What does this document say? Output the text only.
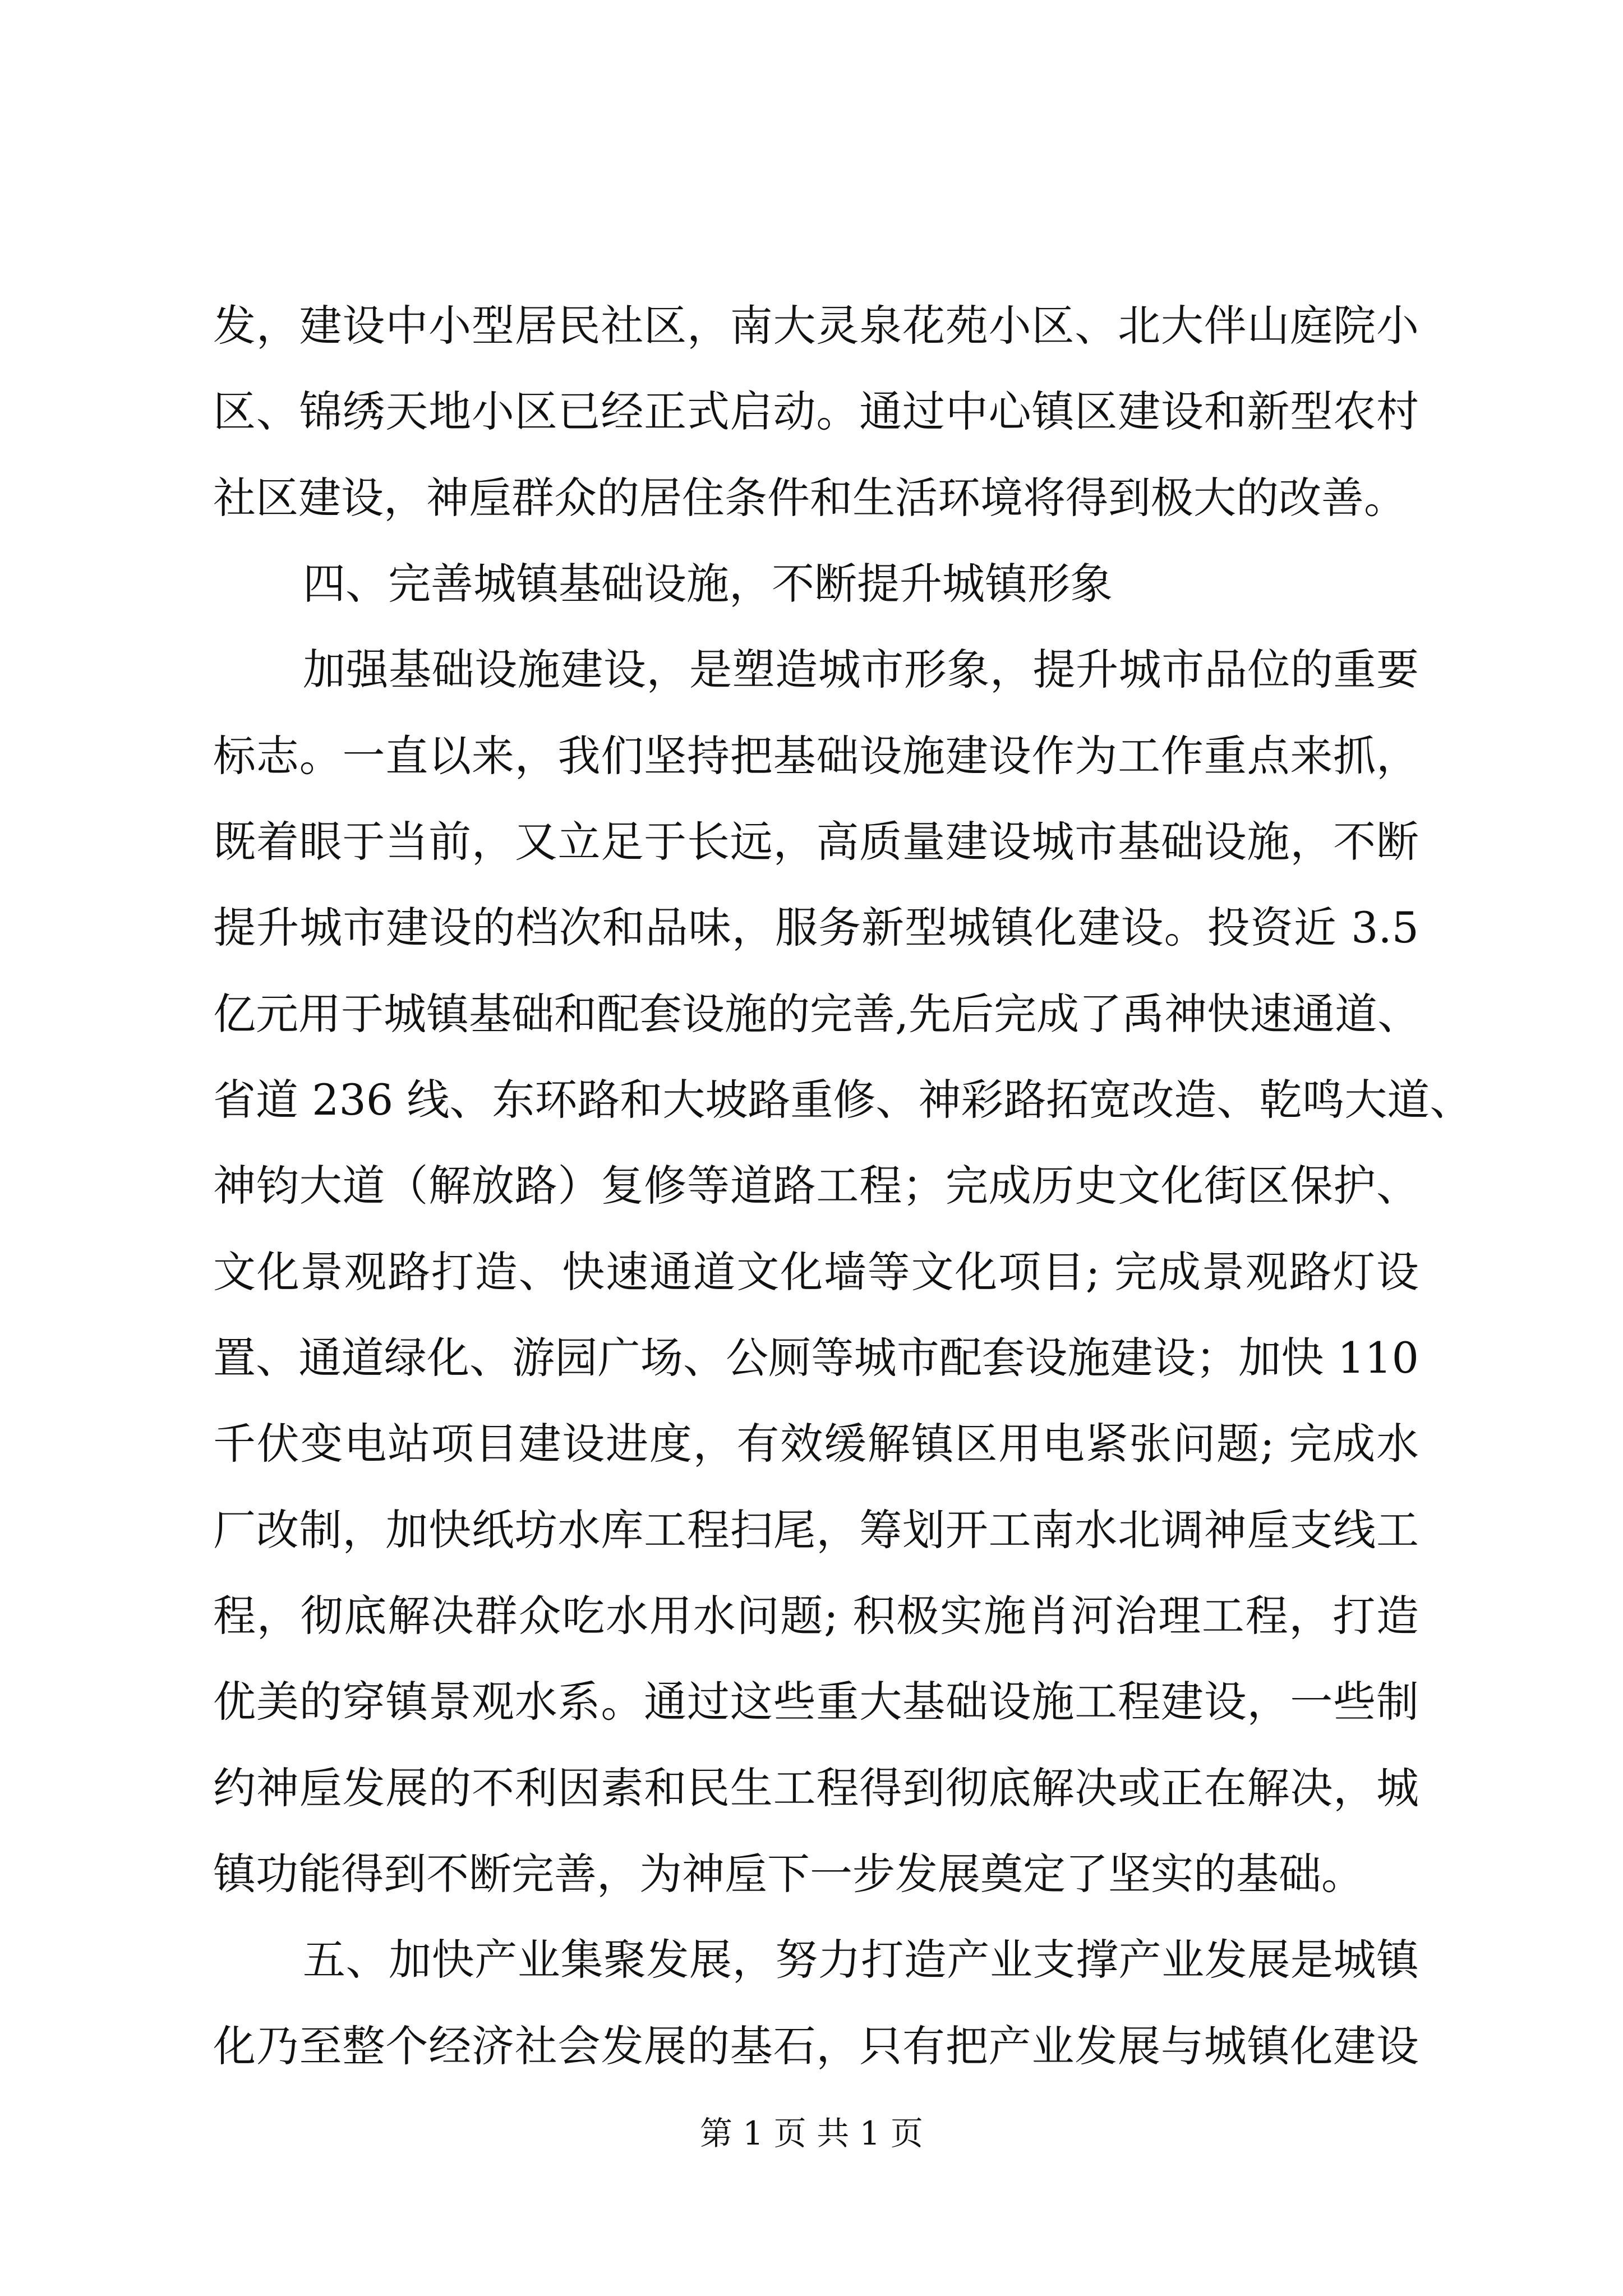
发，建设中小型居民社区，南大灵泉花苑小区、北大伴山庭院小
区、锦绣天地小区已经正式启动。通过中心镇区建设和新型农村
社区建设，神垕群众的居住条件和生活环境将得到极大的改善。
四、完善城镇基础设施，不断提升城镇形象
加强基础设施建设，是塑造城市形象，提升城市品位的重要
标志。一直以来，我们坚持把基础设施建设作为工作重点来抓，
既着眼于当前，又立足于长远，高质量建设城市基础设施，不断
提升城市建设的档次和品味，服务新型城镇化建设。投资近 3.5
亿元用于城镇基础和配套设施的完善,先后完成了禹神快速通道、
省道 236 线、东环路和大坡路重修、神彩路拓宽改造、乾鸣大道、
神钧大道（解放路）复修等道路工程；完成历史文化街区保护、
文化景观路打造、快速通道文化墙等文化项目; 完成景观路灯设
置、通道绿化、游园广场、公厕等城市配套设施建设；加快 110
千伏变电站项目建设进度，有效缓解镇区用电紧张问题; 完成水
厂改制，加快纸坊水库工程扫尾，筹划开工南水北调神垕支线工
程，彻底解决群众吃水用水问题; 积极实施肖河治理工程，打造
优美的穿镇景观水系。通过这些重大基础设施工程建设，一些制
约神垕发展的不利因素和民生工程得到彻底解决或正在解决，城
镇功能得到不断完善，为神垕下一步发展奠定了坚实的基础。
五、加快产业集聚发展，努力打造产业支撑产业发展是城镇
化乃至整个经济社会发展的基石，只有把产业发展与城镇化建设
第 1 页 共 1 页
